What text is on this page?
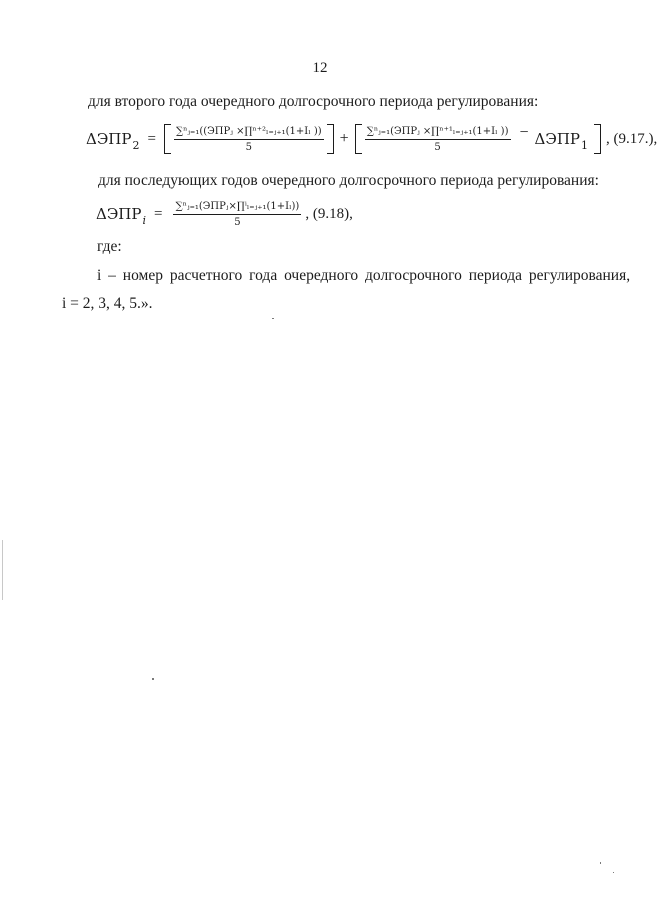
12
для второго года очередного долгосрочного периода регулирования:
$\Delta ЭПР_2 = \frac{\text{∑ⁿⱼ₌₁((ЭПРⱼ ×∏ⁿ⁺²ₗ₌ⱼ₊₁(1+Iₗ ))}}{5} + \frac{\text{∑ⁿⱼ₌₁(ЭПРⱼ ×∏ⁿ⁺¹ₗ₌ⱼ₊₁(1+Iₗ ))}}{5} - \Delta ЭПР_1$ , (9.17.),
для последующих годов очередного долгосрочного периода регулирования:
$\Delta ЭПР_i = \frac{\text{∑ⁿⱼ₌₁(ЭПРⱼ×∏ⁱₗ₌ⱼ₊₁(1+Iₗ))}}{5}$ , (9.18),
где:
i – номер расчетного года очередного долгосрочного периода регулирования,
i = 2, 3, 4, 5.».
